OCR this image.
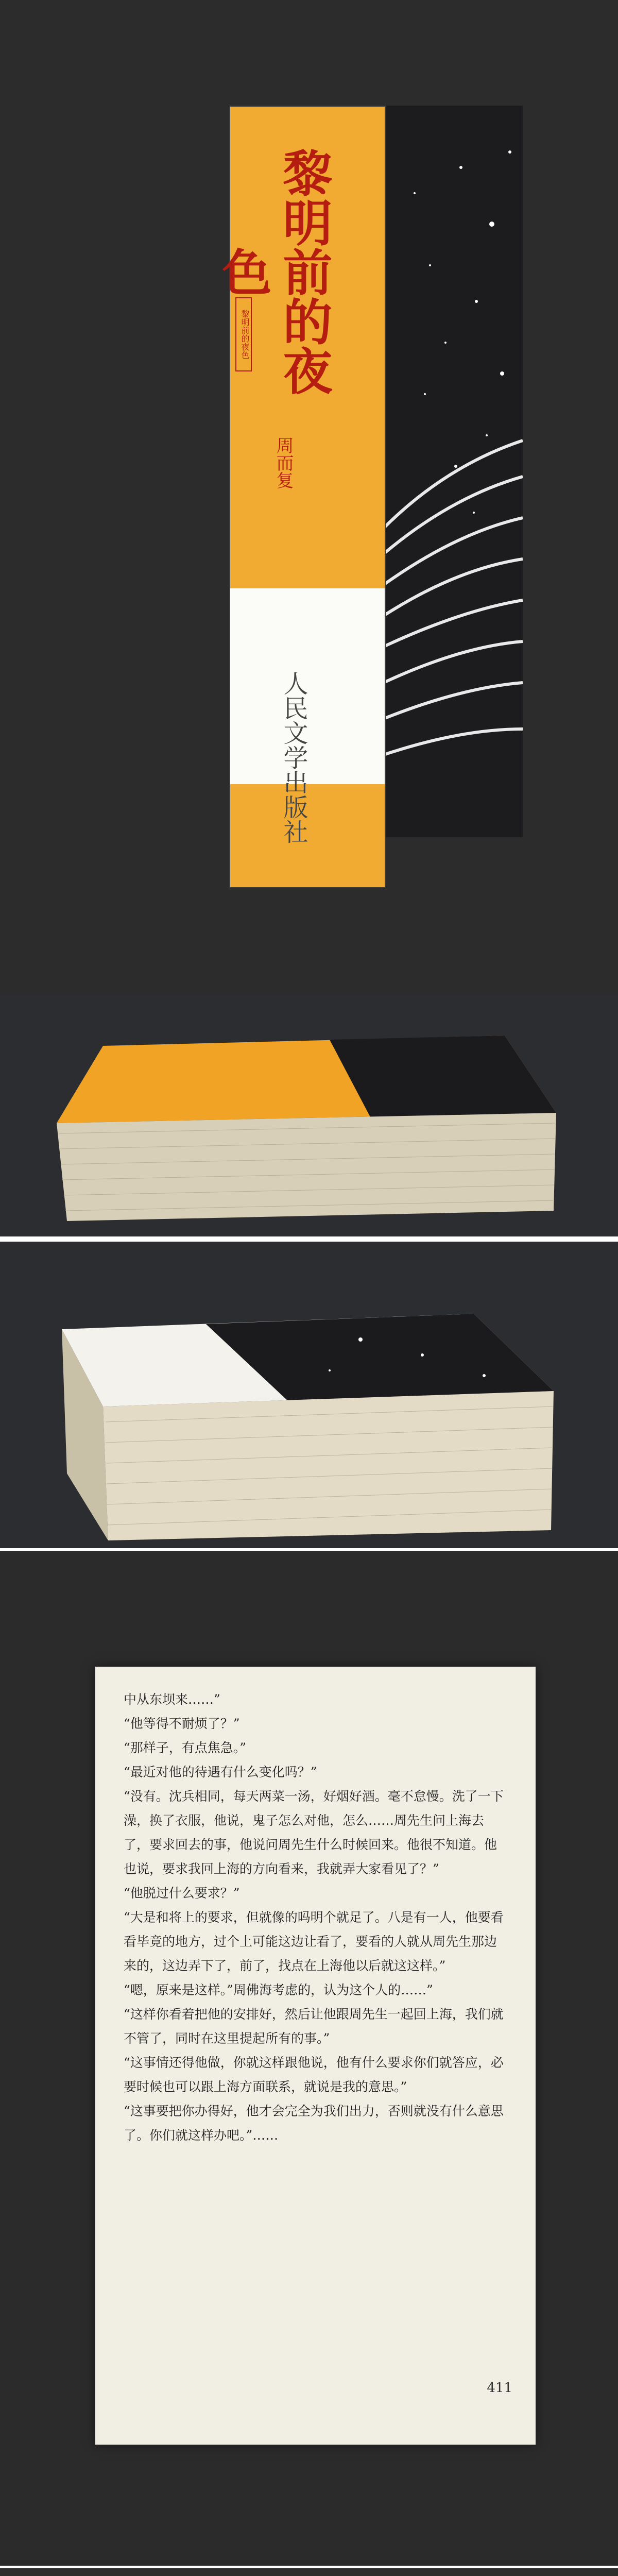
黎明前的夜色 黎明前的夜色
周而复
人民文学出版社

中从东坝来……”

“他等得不耐烦了？”

“那样子，有点焦急。”

“最近对他的待遇有什么变化吗？”

“没有。沈兵相同，每天两菜一汤，好烟好酒。毫不怠慢。洗了一下澡，换了衣服，他说，鬼子怎么对他，怎么……周先生问上海去了，要求回去的事，他说问周先生什么时候回来。他很不知道。他也说，要求我回上海的方向看来，我就弄大家看见了？”

“他脱过什么要求？”

“大是和将上的要求，但就像的吗明个就足了。八是有一人，他要看看毕竟的地方，过个上可能这边让看了，要看的人就从周先生那边来的，这边弄下了，前了，找点在上海他以后就这这样。”

“嗯，原来是这样。”周佛海考虑的，认为这个人的……”

“这样你看着把他的安排好，然后让他跟周先生一起回上海，我们就不管了，同时在这里提起所有的事。”

“这事情还得他做，你就这样跟他说，他有什么要求你们就答应，必要时候也可以跟上海方面联系，就说是我的意思。”

“这事要把你办得好，他才会完全为我们出力，否则就没有什么意思了。你们就这样办吧。”……

411
